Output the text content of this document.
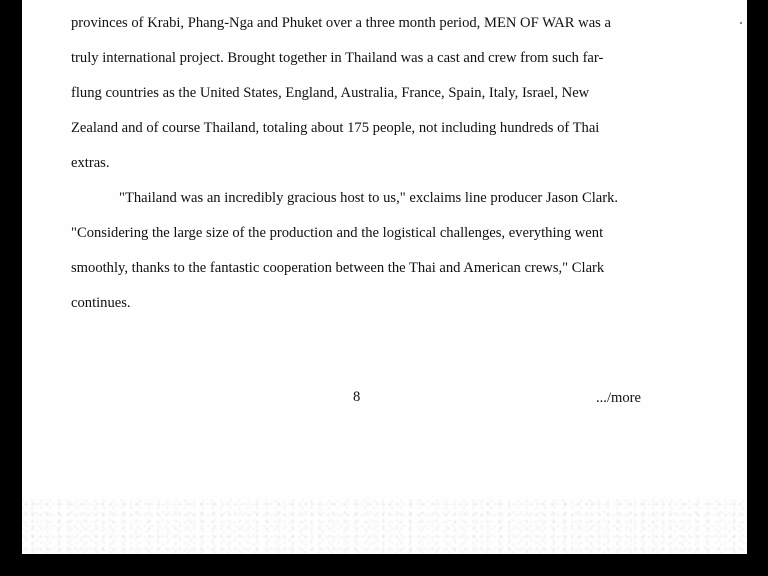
provinces of Krabi, Phang-Nga and Phuket over a three month period, MEN OF WAR was a

truly international project. Brought together in Thailand was a cast and crew from such far-

flung countries as the United States, England, Australia, France, Spain, Italy, Israel, New

Zealand and of course Thailand, totaling about 175 people, not including hundreds of Thai

extras.

"Thailand was an incredibly gracious host to us," exclaims line producer Jason Clark.

"Considering the large size of the production and the logistical challenges, everything went

smoothly, thanks to the fantastic cooperation between the Thai and American crews," Clark

continues.

8	.../more
